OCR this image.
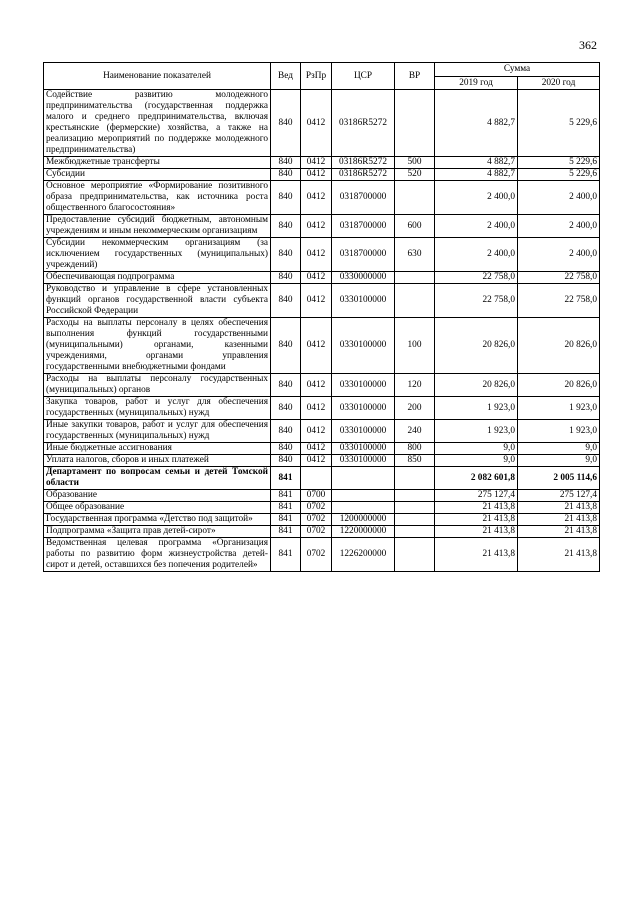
362
Наименование показателей	Вед	РзПр	ЦСР	ВР	Сумма	
					2019 год	2020 год
Содействие развитию молодежного предпринимательства (государственная поддержка малого и среднего предпринимательства, включая крестьянские (фермерские) хозяйства, а также на реализацию мероприятий по поддержке молодежного предпринимательства)	840	0412	03186R5272		4 882,7	5 229,6
Межбюджетные трансферты	840	0412	03186R5272	500	4 882,7	5 229,6
Субсидии	840	0412	03186R5272	520	4 882,7	5 229,6
Основное мероприятие «Формирование позитивного образа предпринимательства, как источника роста общественного благосостояния»	840	0412	0318700000		2 400,0	2 400,0
Предоставление субсидий бюджетным, автономным учреждениям и иным некоммерческим организациям	840	0412	0318700000	600	2 400,0	2 400,0
Субсидии некоммерческим организациям (за исключением государственных (муниципальных) учреждений)	840	0412	0318700000	630	2 400,0	2 400,0
Обеспечивающая подпрограмма	840	0412	0330000000		22 758,0	22 758,0
Руководство и управление в сфере установленных функций органов государственной власти субъекта Российской Федерации	840	0412	0330100000		22 758,0	22 758,0
Расходы на выплаты персоналу в целях обеспечения выполнения функций государственными (муниципальными) органами, казенными учреждениями, органами управления государственными внебюджетными фондами	840	0412	0330100000	100	20 826,0	20 826,0
Расходы на выплаты персоналу государственных (муниципальных) органов	840	0412	0330100000	120	20 826,0	20 826,0
Закупка товаров, работ и услуг для обеспечения государственных (муниципальных) нужд	840	0412	0330100000	200	1 923,0	1 923,0
Иные закупки товаров, работ и услуг для обеспечения государственных (муниципальных) нужд	840	0412	0330100000	240	1 923,0	1 923,0
Иные бюджетные ассигнования	840	0412	0330100000	800	9,0	9,0
Уплата налогов, сборов и иных платежей	840	0412	0330100000	850	9,0	9,0
Департамент по вопросам семьи и детей Томской области	841				2 082 601,8	2 005 114,6
Образование	841	0700			275 127,4	275 127,4
Общее образование	841	0702			21 413,8	21 413,8
Государственная программа «Детство под защитой»	841	0702	1200000000		21 413,8	21 413,8
Подпрограмма «Защита прав детей-сирот»	841	0702	1220000000		21 413,8	21 413,8
Ведомственная целевая программа «Организация работы по развитию форм жизнеустройства детей-сирот и детей, оставшихся без попечения родителей»	841	0702	1226200000		21 413,8	21 413,8
